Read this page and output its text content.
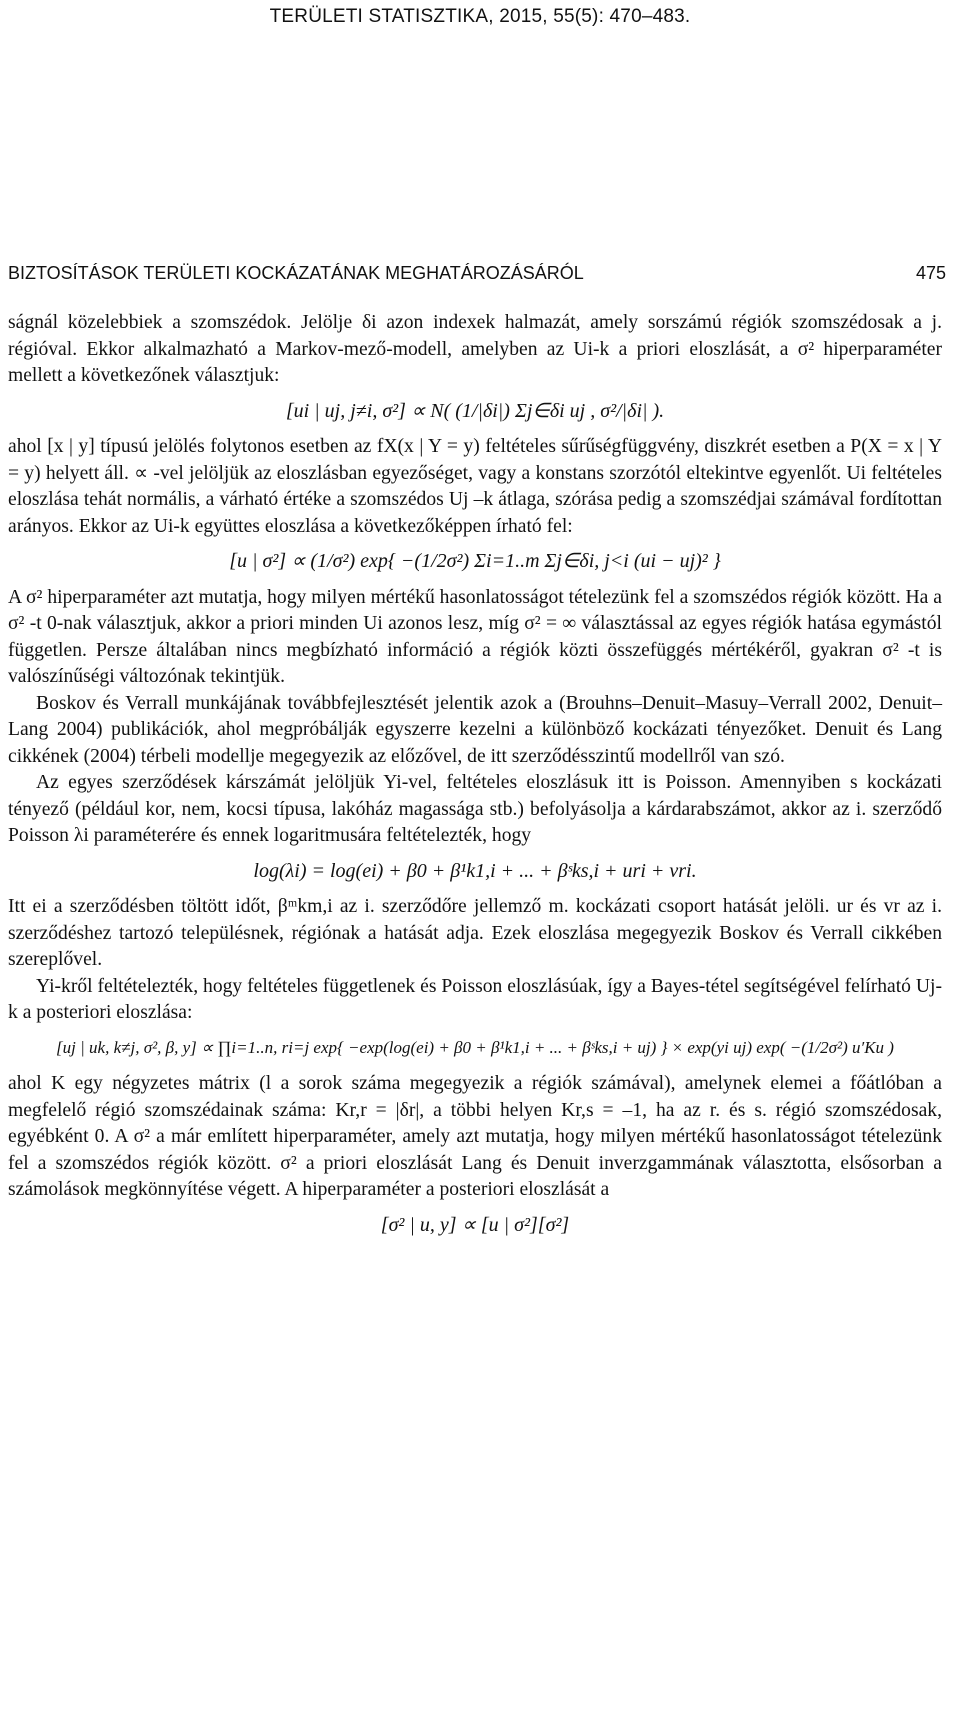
TERÜLETI STATISZTIKA, 2015, 55(5): 470–483.
BIZTOSÍTÁSOK TERÜLETI KOCKÁZATÁNAK MEGHATÁROZÁSÁRÓL	475

ságnál közelebbiek a szomszédok. Jelölje δi azon indexek halmazát, amely sorszámú régiók szomszédosak a j. régióval. Ekkor alkalmazható a Markov-mező-modell, amelyben az Ui-k a priori eloszlását, a σ² hiperparaméter mellett a következőnek választjuk:

[ui | uj, j≠i, σ²] ∝ N( (1/|δi|) Σj∈δi uj , σ²/|δi| ).

ahol [x | y] típusú jelölés folytonos esetben az fX(x | Y = y) feltételes sűrűségfüggvény, diszkrét esetben a P(X = x | Y = y) helyett áll. ∝ -vel jelöljük az eloszlásban egyezőséget, vagy a konstans szorzótól eltekintve egyenlőt. Ui feltételes eloszlása tehát normális, a várható értéke a szomszédos Uj –k átlaga, szórása pedig a szomszédjai számával fordítottan arányos. Ekkor az Ui-k együttes eloszlása a következőképpen írható fel:

[u | σ²] ∝ (1/σ²) exp{ −(1/2σ²) Σi=1..m Σj∈δi, j<i (ui − uj)² }

A σ² hiperparaméter azt mutatja, hogy milyen mértékű hasonlatosságot tételezünk fel a szomszédos régiók között. Ha a σ² -t 0-nak választjuk, akkor a priori minden Ui azonos lesz, míg σ² = ∞ választással az egyes régiók hatása egymástól független. Persze általában nincs megbízható információ a régiók közti összefüggés mértékéről, gyakran σ² -t is valószínűségi változónak tekintjük.

Boskov és Verrall munkájának továbbfejlesztését jelentik azok a (Brouhns–Denuit–Masuy–Verrall 2002, Denuit–Lang 2004) publikációk, ahol megpróbálják egyszerre kezelni a különböző kockázati tényezőket. Denuit és Lang cikkének (2004) térbeli modellje megegyezik az előzővel, de itt szerződésszintű modellről van szó.

Az egyes szerződések kárszámát jelöljük Yi-vel, feltételes eloszlásuk itt is Poisson. Amennyiben s kockázati tényező (például kor, nem, kocsi típusa, lakóház magassága stb.) befolyásolja a kárdarabszámot, akkor az i. szerződő Poisson λi paraméterére és ennek logaritmusára feltételezték, hogy

log(λi) = log(ei) + β0 + β¹k1,i + ... + βˢks,i + uri + vri.

Itt ei a szerződésben töltött időt, βᵐkm,i az i. szerződőre jellemző m. kockázati csoport hatását jelöli. ur és vr az i. szerződéshez tartozó településnek, régiónak a hatását adja. Ezek eloszlása megegyezik Boskov és Verrall cikkében szereplővel.

Yi-kről feltételezték, hogy feltételes függetlenek és Poisson eloszlásúak, így a Bayes-tétel segítségével felírható Uj-k a posteriori eloszlása:

[uj | uk, k≠j, σ², β, y] ∝ ∏i=1..n, ri=j exp{ −exp(log(ei) + β0 + β¹k1,i + ... + βˢks,i + uj) } × exp(yi uj) exp( −(1/2σ²) u′Ku )

ahol K egy négyzetes mátrix (l a sorok száma megegyezik a régiók számával), amelynek elemei a főátlóban a megfelelő régió szomszédainak száma: Kr,r = |δr|, a többi helyen Kr,s = –1, ha az r. és s. régió szomszédosak, egyébként 0. A σ² a már említett hiperparaméter, amely azt mutatja, hogy milyen mértékű hasonlatosságot tételezünk fel a szomszédos régiók között. σ² a priori eloszlását Lang és Denuit inverzgammának választotta, elsősorban a számolások megkönnyítése végett. A hiperparaméter a posteriori eloszlását a

[σ² | u, y] ∝ [u | σ²][σ²]
